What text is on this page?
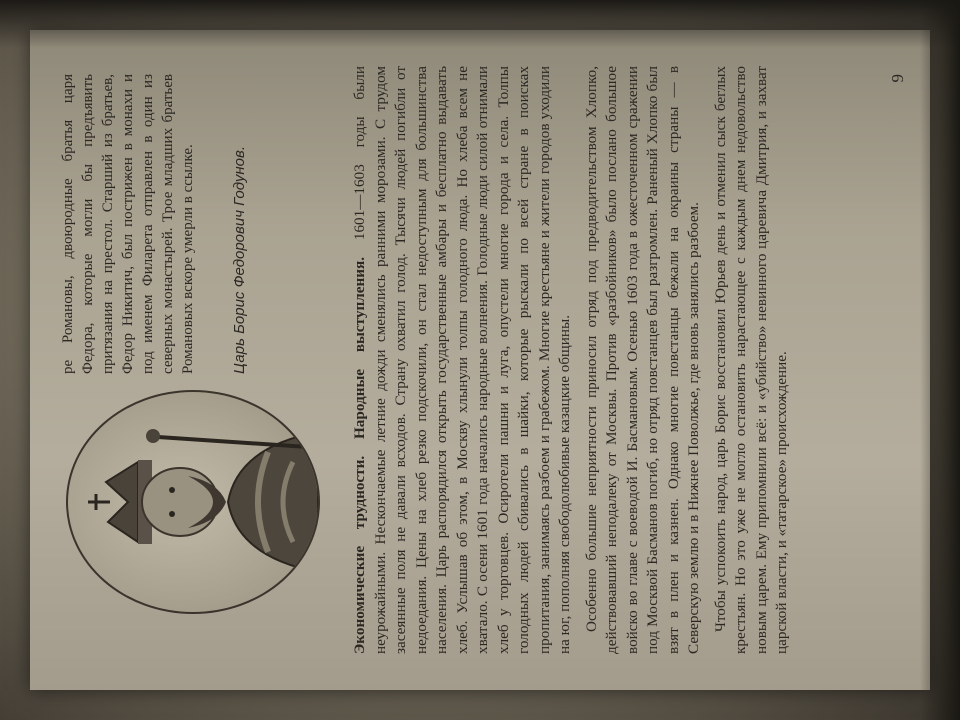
ре Романовы, двоюродные братья царя Федора, которые могли бы предъявить притязания на престол. Старший из братьев, Федор Никитич, был пострижен в монахи и под именем Филарета отправлен в один из северных монастырей. Трое младших братьев Романовых вскоре умерли в ссылке. Царь Борис Федорович Годунов.	Экономические трудности. Народные выступления. 1601—1603 годы были неурожайными. Нескончаемые летние дожди сменялись ранними морозами. С трудом засеянные поля не давали всходов. Страну охватил голод. Тысячи людей погибли от недоедания. Цены на хлеб резко подскочили, он стал недоступным для большинства населения. Царь распорядился открыть государственные амбары и бесплатно выдавать хлеб. Услышав об этом, в Москву хлынули толпы голодного люда. Но хлеба всем не хватало. С осени 1601 года начались народные волнения. Голодные люди силой отнимали хлеб у торговцев. Осиротели пашни и луга, опустели многие города и села. Толпы голодных людей сбивались в шайки, которые рыскали по всей стране в поисках пропитания, занимаясь разбоем и грабежом. Многие крестьяне и жители городов уходили на юг, пополняя свободолюбивые казацкие общины. Особенно большие неприятности приносил отряд под предводительством Хлопко, действовавший неподалеку от Москвы. Против «разбойников» было послано большое войско во главе с воеводой И. Басмановым. Осенью 1603 года в ожесточенном сражении под Москвой Басманов погиб, но отряд повстанцев был разгромлен. Раненый Хлопко был взят в плен и казнен. Однако многие повстанцы бежали на окраины страны — в Северскую землю и в Нижнее Поволжье, где вновь занялись разбоем. Чтобы успокоить народ, царь Борис восстановил Юрьев день и отменил сыск беглых крестьян. Но это уже не могло остановить нарастающее с каждым днем недовольство новым царем. Ему припомнили всё: и «убийство» невинного царевича Дмитрия, и захват царской власти, и «татарское» происхождение.

9
